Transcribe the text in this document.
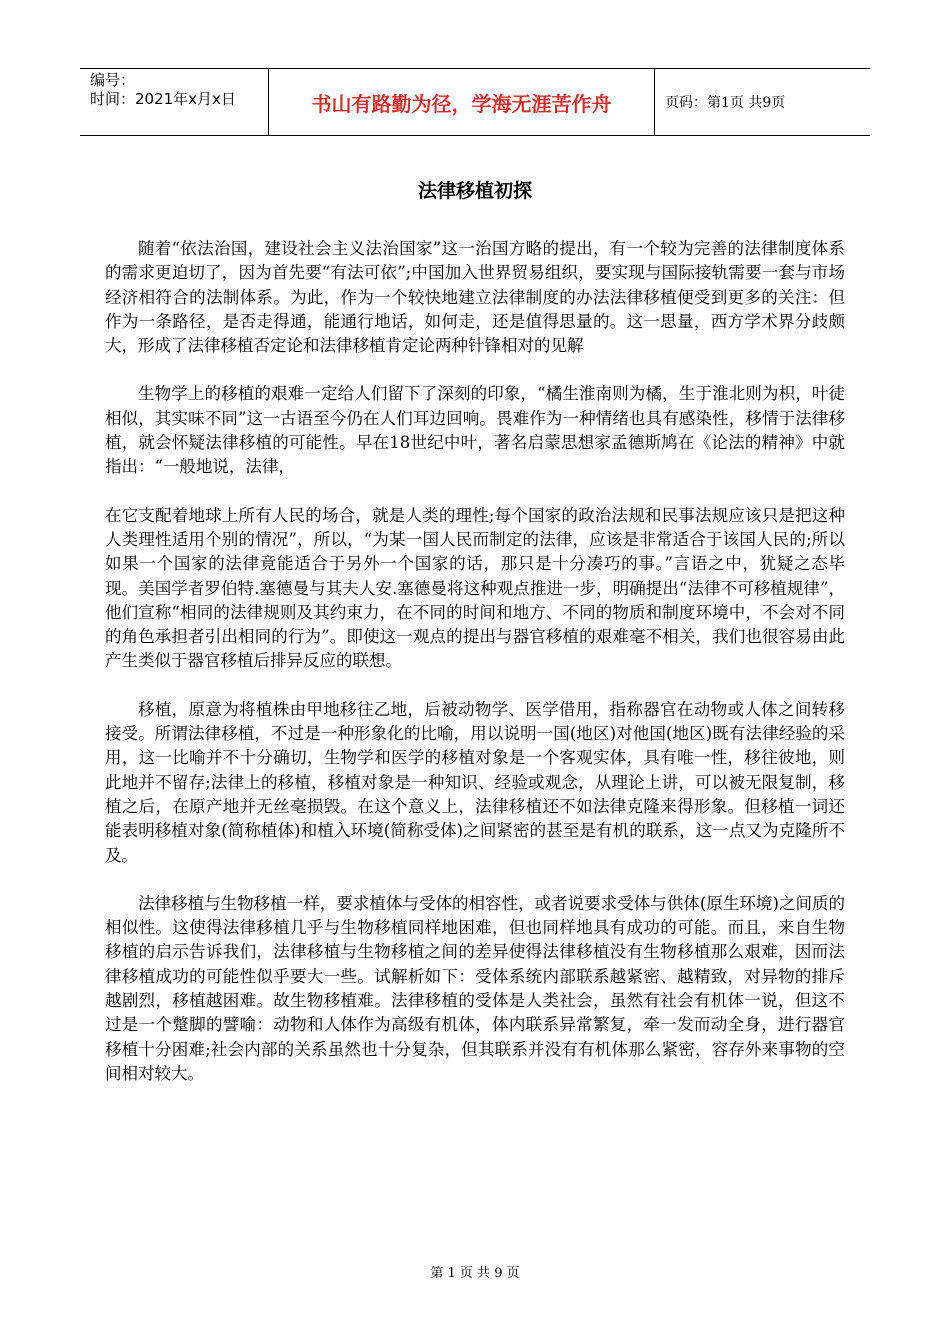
编号：
时间：2021年x月x日	书山有路勤为径，学海无涯苦作舟	页码：第1页 共9页
法律移植初探

随着“依法治国，建设社会主义法治国家”这一治国方略的提出，有一个较为完善的法律制度体系的需求更迫切了，因为首先要“有法可依”;中国加入世界贸易组织，要实现与国际接轨需要一套与市场经济相符合的法制体系。为此，作为一个较快地建立法律制度的办法法律移植便受到更多的关注：但作为一条路径，是否走得通，能通行地话，如何走，还是值得思量的。这一思量，西方学术界分歧颇大，形成了法律移植否定论和法律移植肯定论两种针锋相对的见解

生物学上的移植的艰难一定给人们留下了深刻的印象，“橘生淮南则为橘，生于淮北则为枳，叶徒相似，其实味不同”这一古语至今仍在人们耳边回响。畏难作为一种情绪也具有感染性，移情于法律移植，就会怀疑法律移植的可能性。早在18世纪中叶，著名启蒙思想家孟德斯鸠在《论法的精神》中就指出：“一般地说，法律，

在它支配着地球上所有人民的场合，就是人类的理性;每个国家的政治法规和民事法规应该只是把这种人类理性适用个别的情况”，所以，“为某一国人民而制定的法律，应该是非常适合于该国人民的;所以如果一个国家的法律竟能适合于另外一个国家的话，那只是十分凑巧的事。”言语之中，犹疑之态毕现。美国学者罗伯特.塞德曼与其夫人安.塞德曼将这种观点推进一步，明确提出“法律不可移植规律”，他们宣称“相同的法律规则及其约束力，在不同的时间和地方、不同的物质和制度环境中，不会对不同的角色承担者引出相同的行为”。即使这一观点的提出与器官移植的艰难毫不相关，我们也很容易由此产生类似于器官移植后排异反应的联想。

移植，原意为将植株由甲地移往乙地，后被动物学、医学借用，指称器官在动物或人体之间转移接受。所谓法律移植，不过是一种形象化的比喻，用以说明一国(地区)对他国(地区)既有法律经验的采用，这一比喻并不十分确切，生物学和医学的移植对象是一个客观实体，具有唯一性，移往彼地，则此地并不留存;法律上的移植，移植对象是一种知识、经验或观念，从理论上讲，可以被无限复制，移植之后，在原产地并无丝毫损毁。在这个意义上，法律移植还不如法律克隆来得形象。但移植一词还能表明移植对象(简称植体)和植入环境(简称受体)之间紧密的甚至是有机的联系，这一点又为克隆所不及。

法律移植与生物移植一样，要求植体与受体的相容性，或者说要求受体与供体(原生环境)之间质的相似性。这使得法律移植几乎与生物移植同样地困难，但也同样地具有成功的可能。而且，来自生物移植的启示告诉我们，法律移植与生物移植之间的差异使得法律移植没有生物移植那么艰难，因而法律移植成功的可能性似乎要大一些。试解析如下：受体系统内部联系越紧密、越精致，对异物的排斥越剧烈，移植越困难。故生物移植难。法律移植的受体是人类社会，虽然有社会有机体一说，但这不过是一个蹩脚的譬喻：动物和人体作为高级有机体，体内联系异常繁复，牵一发而动全身，进行器官移植十分困难;社会内部的关系虽然也十分复杂，但其联系并没有有机体那么紧密，容存外来事物的空间相对较大。

第 1 页 共 9 页
